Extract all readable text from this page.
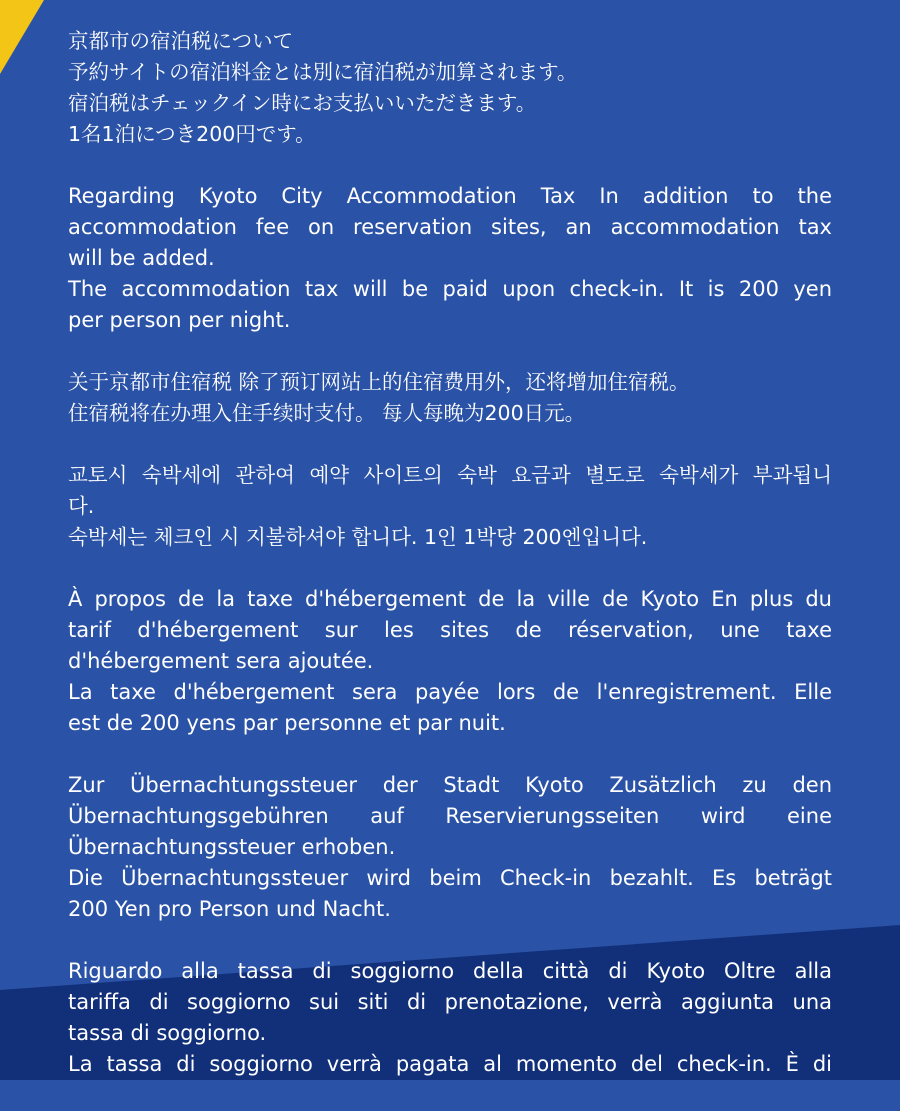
京都市の宿泊税について

予約サイトの宿泊料金とは別に宿泊税が加算されます。

宿泊税はチェックイン時にお支払いいただきます。

1名1泊につき200円です。

Regarding Kyoto City Accommodation Tax In addition to the

accommodation fee on reservation sites, an accommodation tax

will be added.

The accommodation tax will be paid upon check-in. It is 200 yen

per person per night.

关于京都市住宿税 除了预订网站上的住宿费用外，还将增加住宿税。

住宿税将在办理入住手续时支付。 每人每晚为200日元。

교토시 숙박세에 관하여 예약 사이트의 숙박 요금과 별도로 숙박세가 부과됩니

다.

숙박세는 체크인 시 지불하셔야 합니다. 1인 1박당 200엔입니다.

À propos de la taxe d'hébergement de la ville de Kyoto En plus du

tarif d'hébergement sur les sites de réservation, une taxe

d'hébergement sera ajoutée.

La taxe d'hébergement sera payée lors de l'enregistrement. Elle

est de 200 yens par personne et par nuit.

Zur Übernachtungssteuer der Stadt Kyoto Zusätzlich zu den

Übernachtungsgebühren auf Reservierungsseiten wird eine

Übernachtungssteuer erhoben.

Die Übernachtungssteuer wird beim Check-in bezahlt. Es beträgt

200 Yen pro Person und Nacht.

Riguardo alla tassa di soggiorno della città di Kyoto Oltre alla

tariffa di soggiorno sui siti di prenotazione, verrà aggiunta una

tassa di soggiorno.

La tassa di soggiorno verrà pagata al momento del check-in. È di
